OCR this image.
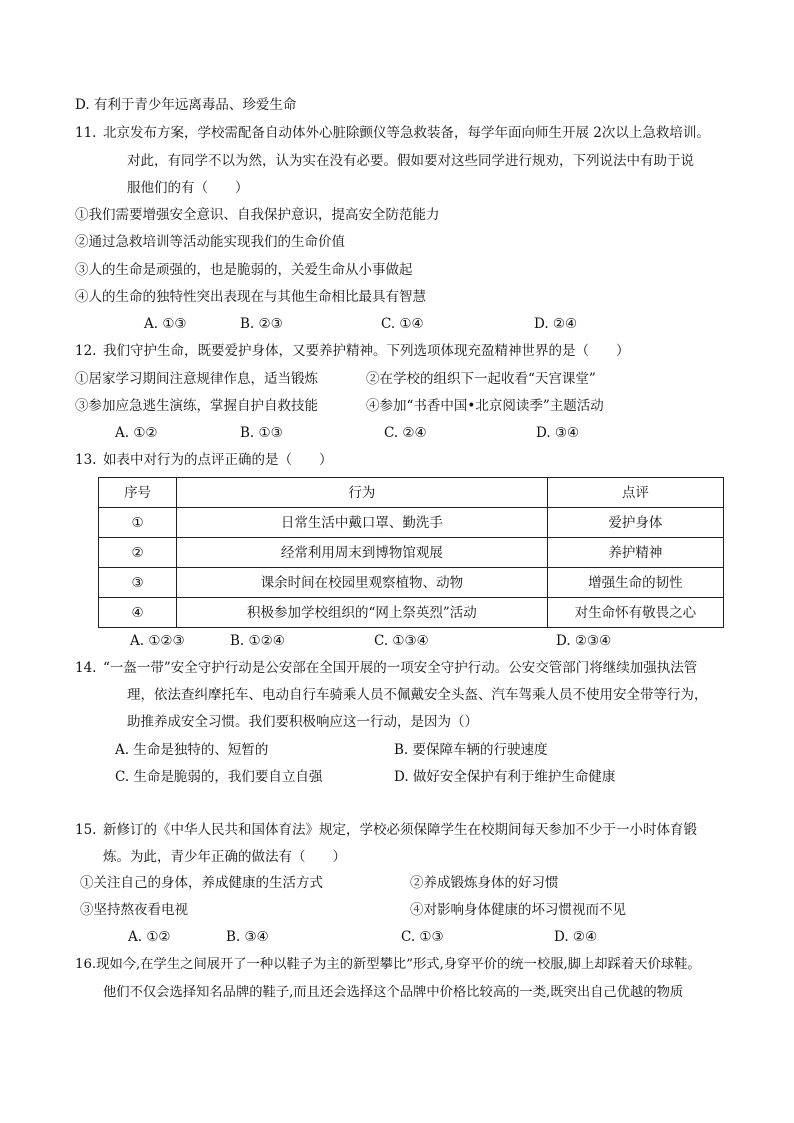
D. 有利于青少年远离毒品、珍爱生命
11. 北京发布方案，学校需配备自动体外心脏除颤仪等急救装备，每学年面向师生开展 2次以上急救培训。
对此，有同学不以为然，认为实在没有必要。假如要对这些同学进行规劝，下列说法中有助于说
服他们的有（　　）
①我们需要增强安全意识、自我保护意识，提高安全防范能力
②通过急救培训等活动能实现我们的生命价值
③人的生命是顽强的，也是脆弱的，关爱生命从小事做起
④人的生命的独特性突出表现在与其他生命相比最具有智慧
A. ①③	B. ②③	C. ①④	D. ②④
12. 我们守护生命，既要爱护身体，又要养护精神。下列选项体现充盈精神世界的是（　　）
①居家学习期间注意规律作息，适当锻炼	②在学校的组织下一起收看“天宫课堂”
③参加应急逃生演练，掌握自护自救技能	④参加“书香中国•北京阅读季”主题活动
A. ①②	B. ①③	C. ②④	D. ③④
13. 如表中对行为的点评正确的是（　　）
序号	行为	点评
①	日常生活中戴口罩、勤洗手	爱护身体
②	经常利用周末到博物馆观展	养护精神
③	课余时间在校园里观察植物、动物	增强生命的韧性
④	积极参加学校组织的“网上祭英烈”活动	对生命怀有敬畏之心
A. ①②③	B. ①②④	C. ①③④	D. ②③④
14. “一盔一带”安全守护行动是公安部在全国开展的一项安全守护行动。公安交管部门将继续加强执法管
理，依法查纠摩托车、电动自行车骑乘人员不佩戴安全头盔、汽车驾乘人员不使用安全带等行为，
助推养成安全习惯。我们要积极响应这一行动，是因为（）
A. 生命是独特的、短暂的	B. 要保障车辆的行驶速度
C. 生命是脆弱的，我们要自立自强	D. 做好安全保护有利于维护生命健康
15. 新修订的《中华人民共和国体育法》规定，学校必须保障学生在校期间每天参加不少于一小时体育锻
炼。为此，青少年正确的做法有（　　）
①关注自己的身体，养成健康的生活方式	②养成锻炼身体的好习惯
③坚持熬夜看电视	④对影响身体健康的坏习惯视而不见
A. ①②	B. ③④	C. ①③	D. ②④
16.现如今,在学生之间展开了一种以鞋子为主的新型攀比”形式,身穿平价的统一校服,脚上却踩着天价球鞋。
他们不仅会选择知名品牌的鞋子,而且还会选择这个品牌中价格比较高的一类,既突出自己优越的物质
